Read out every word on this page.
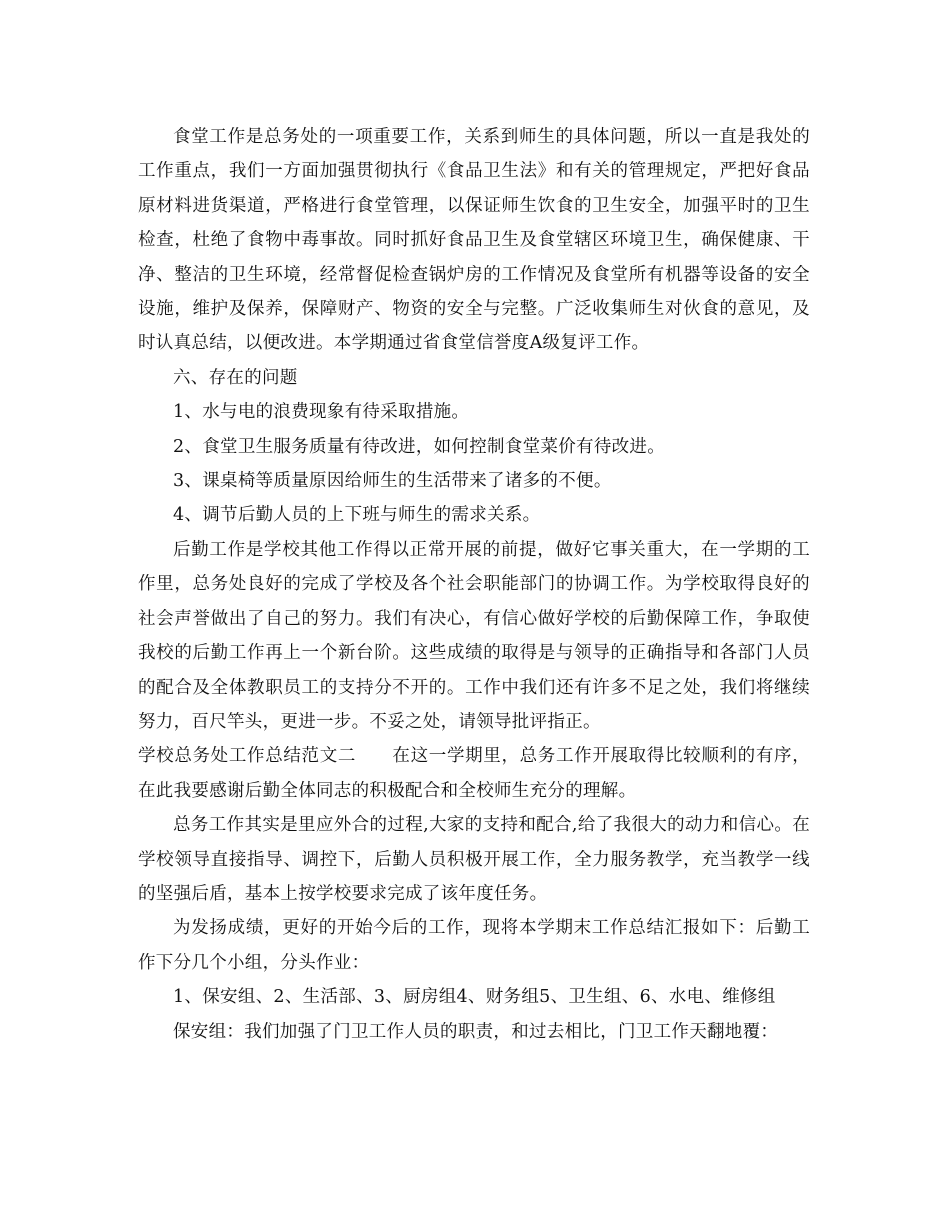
食堂工作是总务处的一项重要工作，关系到师生的具体问题，所以一直是我处的工作重点，我们一方面加强贯彻执行《食品卫生法》和有关的管理规定，严把好食品原材料进货渠道，严格进行食堂管理，以保证师生饮食的卫生安全，加强平时的卫生检查，杜绝了食物中毒事故。同时抓好食品卫生及食堂辖区环境卫生，确保健康、干净、整洁的卫生环境，经常督促检查锅炉房的工作情况及食堂所有机器等设备的安全设施，维护及保养，保障财产、物资的安全与完整。广泛收集师生对伙食的意见，及时认真总结，以便改进。本学期通过省食堂信誉度A级复评工作。

六、存在的问题

1、水与电的浪费现象有待采取措施。

2、食堂卫生服务质量有待改进，如何控制食堂菜价有待改进。

3、课桌椅等质量原因给师生的生活带来了诸多的不便。

4、调节后勤人员的上下班与师生的需求关系。

后勤工作是学校其他工作得以正常开展的前提，做好它事关重大，在一学期的工作里，总务处良好的完成了学校及各个社会职能部门的协调工作。为学校取得良好的社会声誉做出了自己的努力。我们有决心，有信心做好学校的后勤保障工作，争取使我校的后勤工作再上一个新台阶。这些成绩的取得是与领导的正确指导和各部门人员的配合及全体教职员工的支持分不开的。工作中我们还有许多不足之处，我们将继续努力，百尺竿头，更进一步。不妥之处，请领导批评指正。

学校总务处工作总结范文二 在这一学期里，总务工作开展取得比较顺利的有序，在此我要感谢后勤全体同志的积极配合和全校师生充分的理解。

总务工作其实是里应外合的过程,大家的支持和配合,给了我很大的动力和信心。在学校领导直接指导、调控下，后勤人员积极开展工作，全力服务教学，充当教学一线的坚强后盾，基本上按学校要求完成了该年度任务。

为发扬成绩，更好的开始今后的工作，现将本学期末工作总结汇报如下：后勤工作下分几个小组，分头作业：

1、保安组、2、生活部、3、厨房组4、财务组5、卫生组、6、水电、维修组

保安组：我们加强了门卫工作人员的职责，和过去相比，门卫工作天翻地覆：
